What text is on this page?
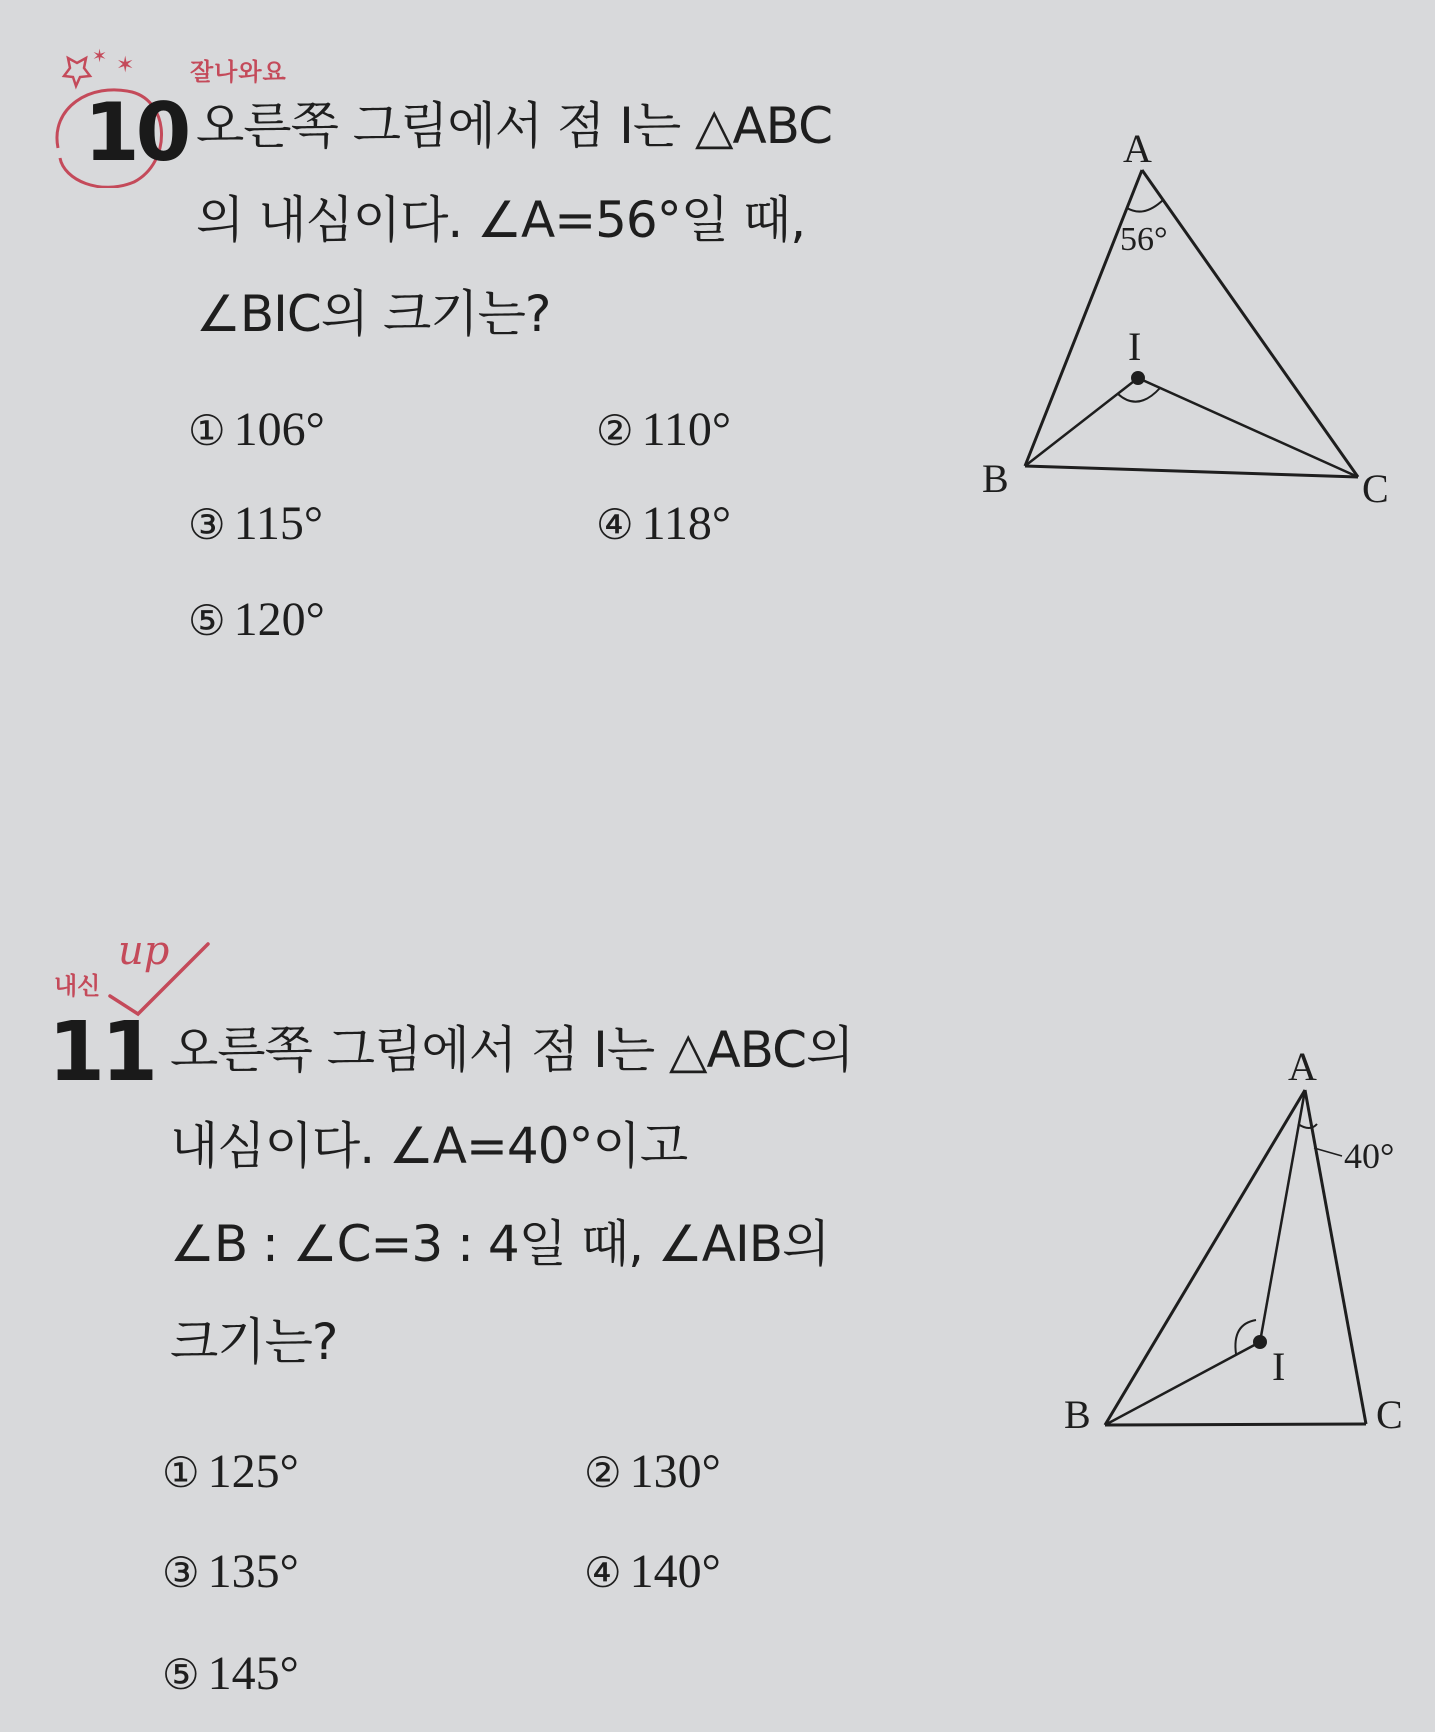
✶ ✶ 잘나와요
10 오른쪽 그림에서 점 I는 △ABC
의 내심이다. ∠A=56°일 때,
∠BIC의 크기는?
① 106°	② 110°
③ 115°	④ 118°
⑤ 120°
A
B	C
I
56°
내신
up
11 오른쪽 그림에서 점 I는 △ABC의
내심이다. ∠A=40°이고
∠B : ∠C=3 : 4일 때, ∠AIB의
크기는?
① 125°	② 130°
③ 135°	④ 140°
⑤ 145°
A
B	C
I
40°
